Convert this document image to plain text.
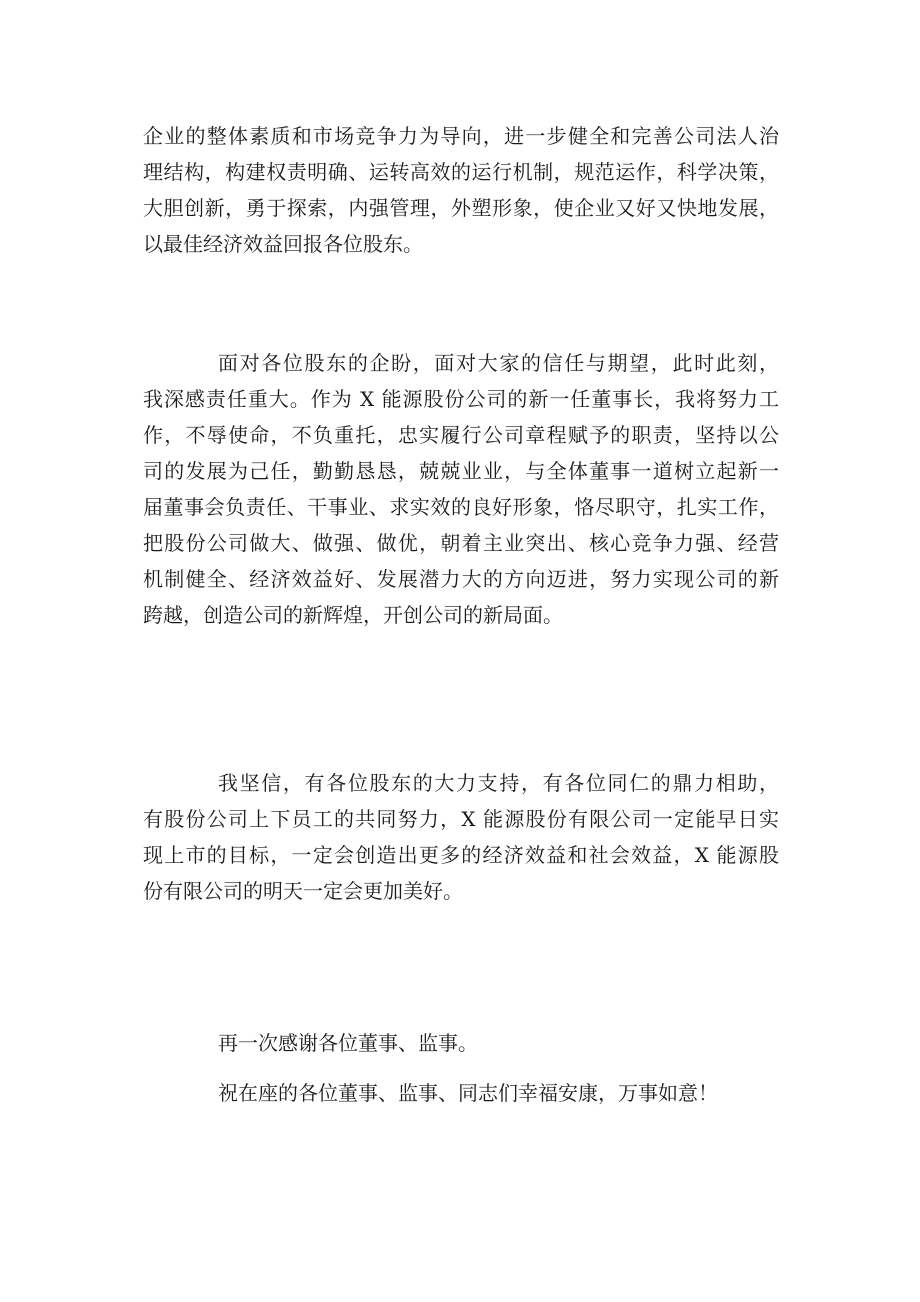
企业的整体素质和市场竞争力为导向，进一步健全和完善公司法人治
理结构，构建权责明确、运转高效的运行机制，规范运作，科学决策，
大胆创新，勇于探索，内强管理，外塑形象，使企业又好又快地发展，
以最佳经济效益回报各位股东。
面对各位股东的企盼，面对大家的信任与期望，此时此刻，
我深感责任重大。作为 X 能源股份公司的新一任董事长，我将努力工
作，不辱使命，不负重托，忠实履行公司章程赋予的职责，坚持以公
司的发展为己任，勤勤恳恳，兢兢业业，与全体董事一道树立起新一
届董事会负责任、干事业、求实效的良好形象，恪尽职守，扎实工作，
把股份公司做大、做强、做优，朝着主业突出、核心竞争力强、经营
机制健全、经济效益好、发展潜力大的方向迈进，努力实现公司的新
跨越，创造公司的新辉煌，开创公司的新局面。
我坚信，有各位股东的大力支持，有各位同仁的鼎力相助，
有股份公司上下员工的共同努力，X 能源股份有限公司一定能早日实
现上市的目标，一定会创造出更多的经济效益和社会效益，X 能源股
份有限公司的明天一定会更加美好。
再一次感谢各位董事、监事。
祝在座的各位董事、监事、同志们幸福安康，万事如意！
